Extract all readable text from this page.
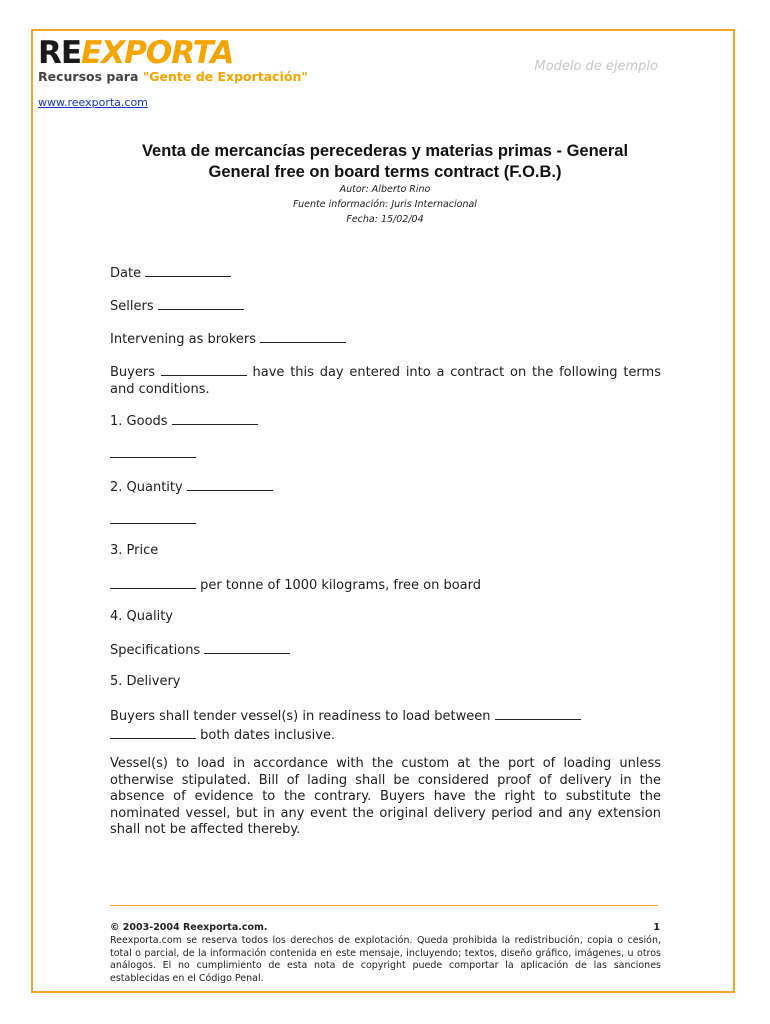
REEXPORTA
Recursos para "Gente de Exportación"
Modelo de ejemplo
www.reexporta.com
Venta de mercancías perecederas y materias primas - General
General free on board terms contract (F.O.B.)
Autor: Alberto Rino
Fuente información: Juris Internacional
Fecha: 15/02/04
Date
Sellers
Intervening as brokers
Buyers	have this day entered into a contract on the following terms and conditions.
1. Goods
2. Quantity
3. Price
per tonne of 1000 kilograms, free on board
4. Quality
Specifications
5. Delivery
Buyers shall tender vessel(s) in readiness to load between
both dates inclusive.
Vessel(s) to load in accordance with the custom at the port of loading unless otherwise stipulated. Bill of lading shall be considered proof of delivery in the absence of evidence to the contrary. Buyers have the right to substitute the nominated vessel, but in any event the original delivery period and any extension shall not be affected thereby.
© 2003-2004 Reexporta.com.	1
Reexporta.com se reserva todos los derechos de explotación. Queda prohibida la redistribución, copia o cesión, total o parcial, de la información contenida en este mensaje, incluyendo; textos, diseño gráfico, imágenes, u otros análogos. El no cumplimiento de esta nota de copyright puede comportar la aplicación de las sanciones establecidas en el Código Penal.
